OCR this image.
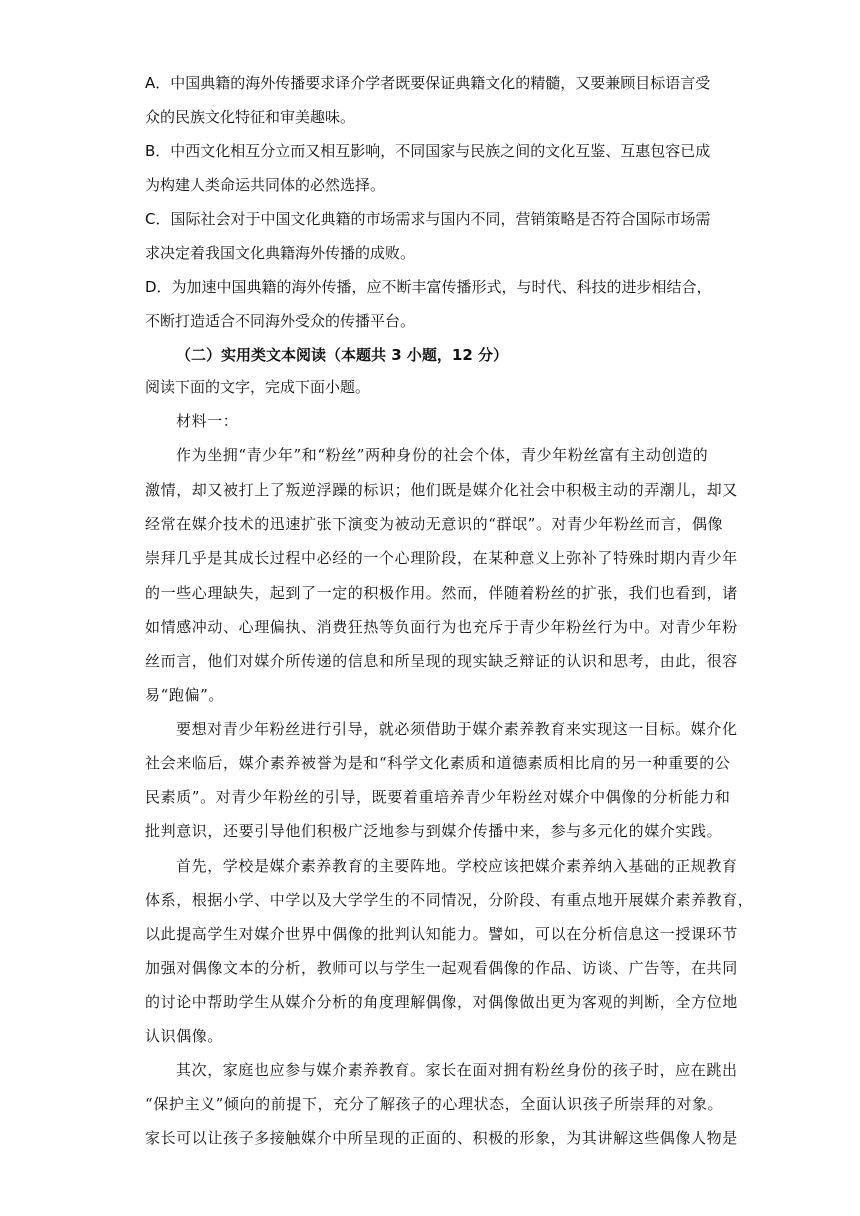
A．中国典籍的海外传播要求译介学者既要保证典籍文化的精髓，又要兼顾目标语言受
众的民族文化特征和审美趣味。
B．中西文化相互分立而又相互影响，不同国家与民族之间的文化互鉴、互惠包容已成
为构建人类命运共同体的必然选择。
C．国际社会对于中国文化典籍的市场需求与国内不同，营销策略是否符合国际市场需
求决定着我国文化典籍海外传播的成败。
D．为加速中国典籍的海外传播，应不断丰富传播形式，与时代、科技的进步相结合，
不断打造适合不同海外受众的传播平台。
（二）实用类文本阅读（本题共 3 小题，12 分）
阅读下面的文字，完成下面小题。
材料一：
作为坐拥“青少年”和“粉丝”两种身份的社会个体，青少年粉丝富有主动创造的
激情，却又被打上了叛逆浮躁的标识；他们既是媒介化社会中积极主动的弄潮儿，却又
经常在媒介技术的迅速扩张下演变为被动无意识的“群氓”。对青少年粉丝而言，偶像
崇拜几乎是其成长过程中必经的一个心理阶段，在某种意义上弥补了特殊时期内青少年
的一些心理缺失，起到了一定的积极作用。然而，伴随着粉丝的扩张，我们也看到，诸
如情感冲动、心理偏执、消费狂热等负面行为也充斥于青少年粉丝行为中。对青少年粉
丝而言，他们对媒介所传递的信息和所呈现的现实缺乏辩证的认识和思考，由此，很容
易“跑偏”。
要想对青少年粉丝进行引导，就必须借助于媒介素养教育来实现这一目标。媒介化
社会来临后，媒介素养被誉为是和“科学文化素质和道德素质相比肩的另一种重要的公
民素质”。对青少年粉丝的引导，既要着重培养青少年粉丝对媒介中偶像的分析能力和
批判意识，还要引导他们积极广泛地参与到媒介传播中来，参与多元化的媒介实践。
首先，学校是媒介素养教育的主要阵地。学校应该把媒介素养纳入基础的正规教育
体系，根据小学、中学以及大学学生的不同情况，分阶段、有重点地开展媒介素养教育，
以此提高学生对媒介世界中偶像的批判认知能力。譬如，可以在分析信息这一授课环节
加强对偶像文本的分析，教师可以与学生一起观看偶像的作品、访谈、广告等，在共同
的讨论中帮助学生从媒介分析的角度理解偶像，对偶像做出更为客观的判断，全方位地
认识偶像。
其次，家庭也应参与媒介素养教育。家长在面对拥有粉丝身份的孩子时，应在跳出
“保护主义”倾向的前提下，充分了解孩子的心理状态，全面认识孩子所崇拜的对象。
家长可以让孩子多接触媒介中所呈现的正面的、积极的形象，为其讲解这些偶像人物是
